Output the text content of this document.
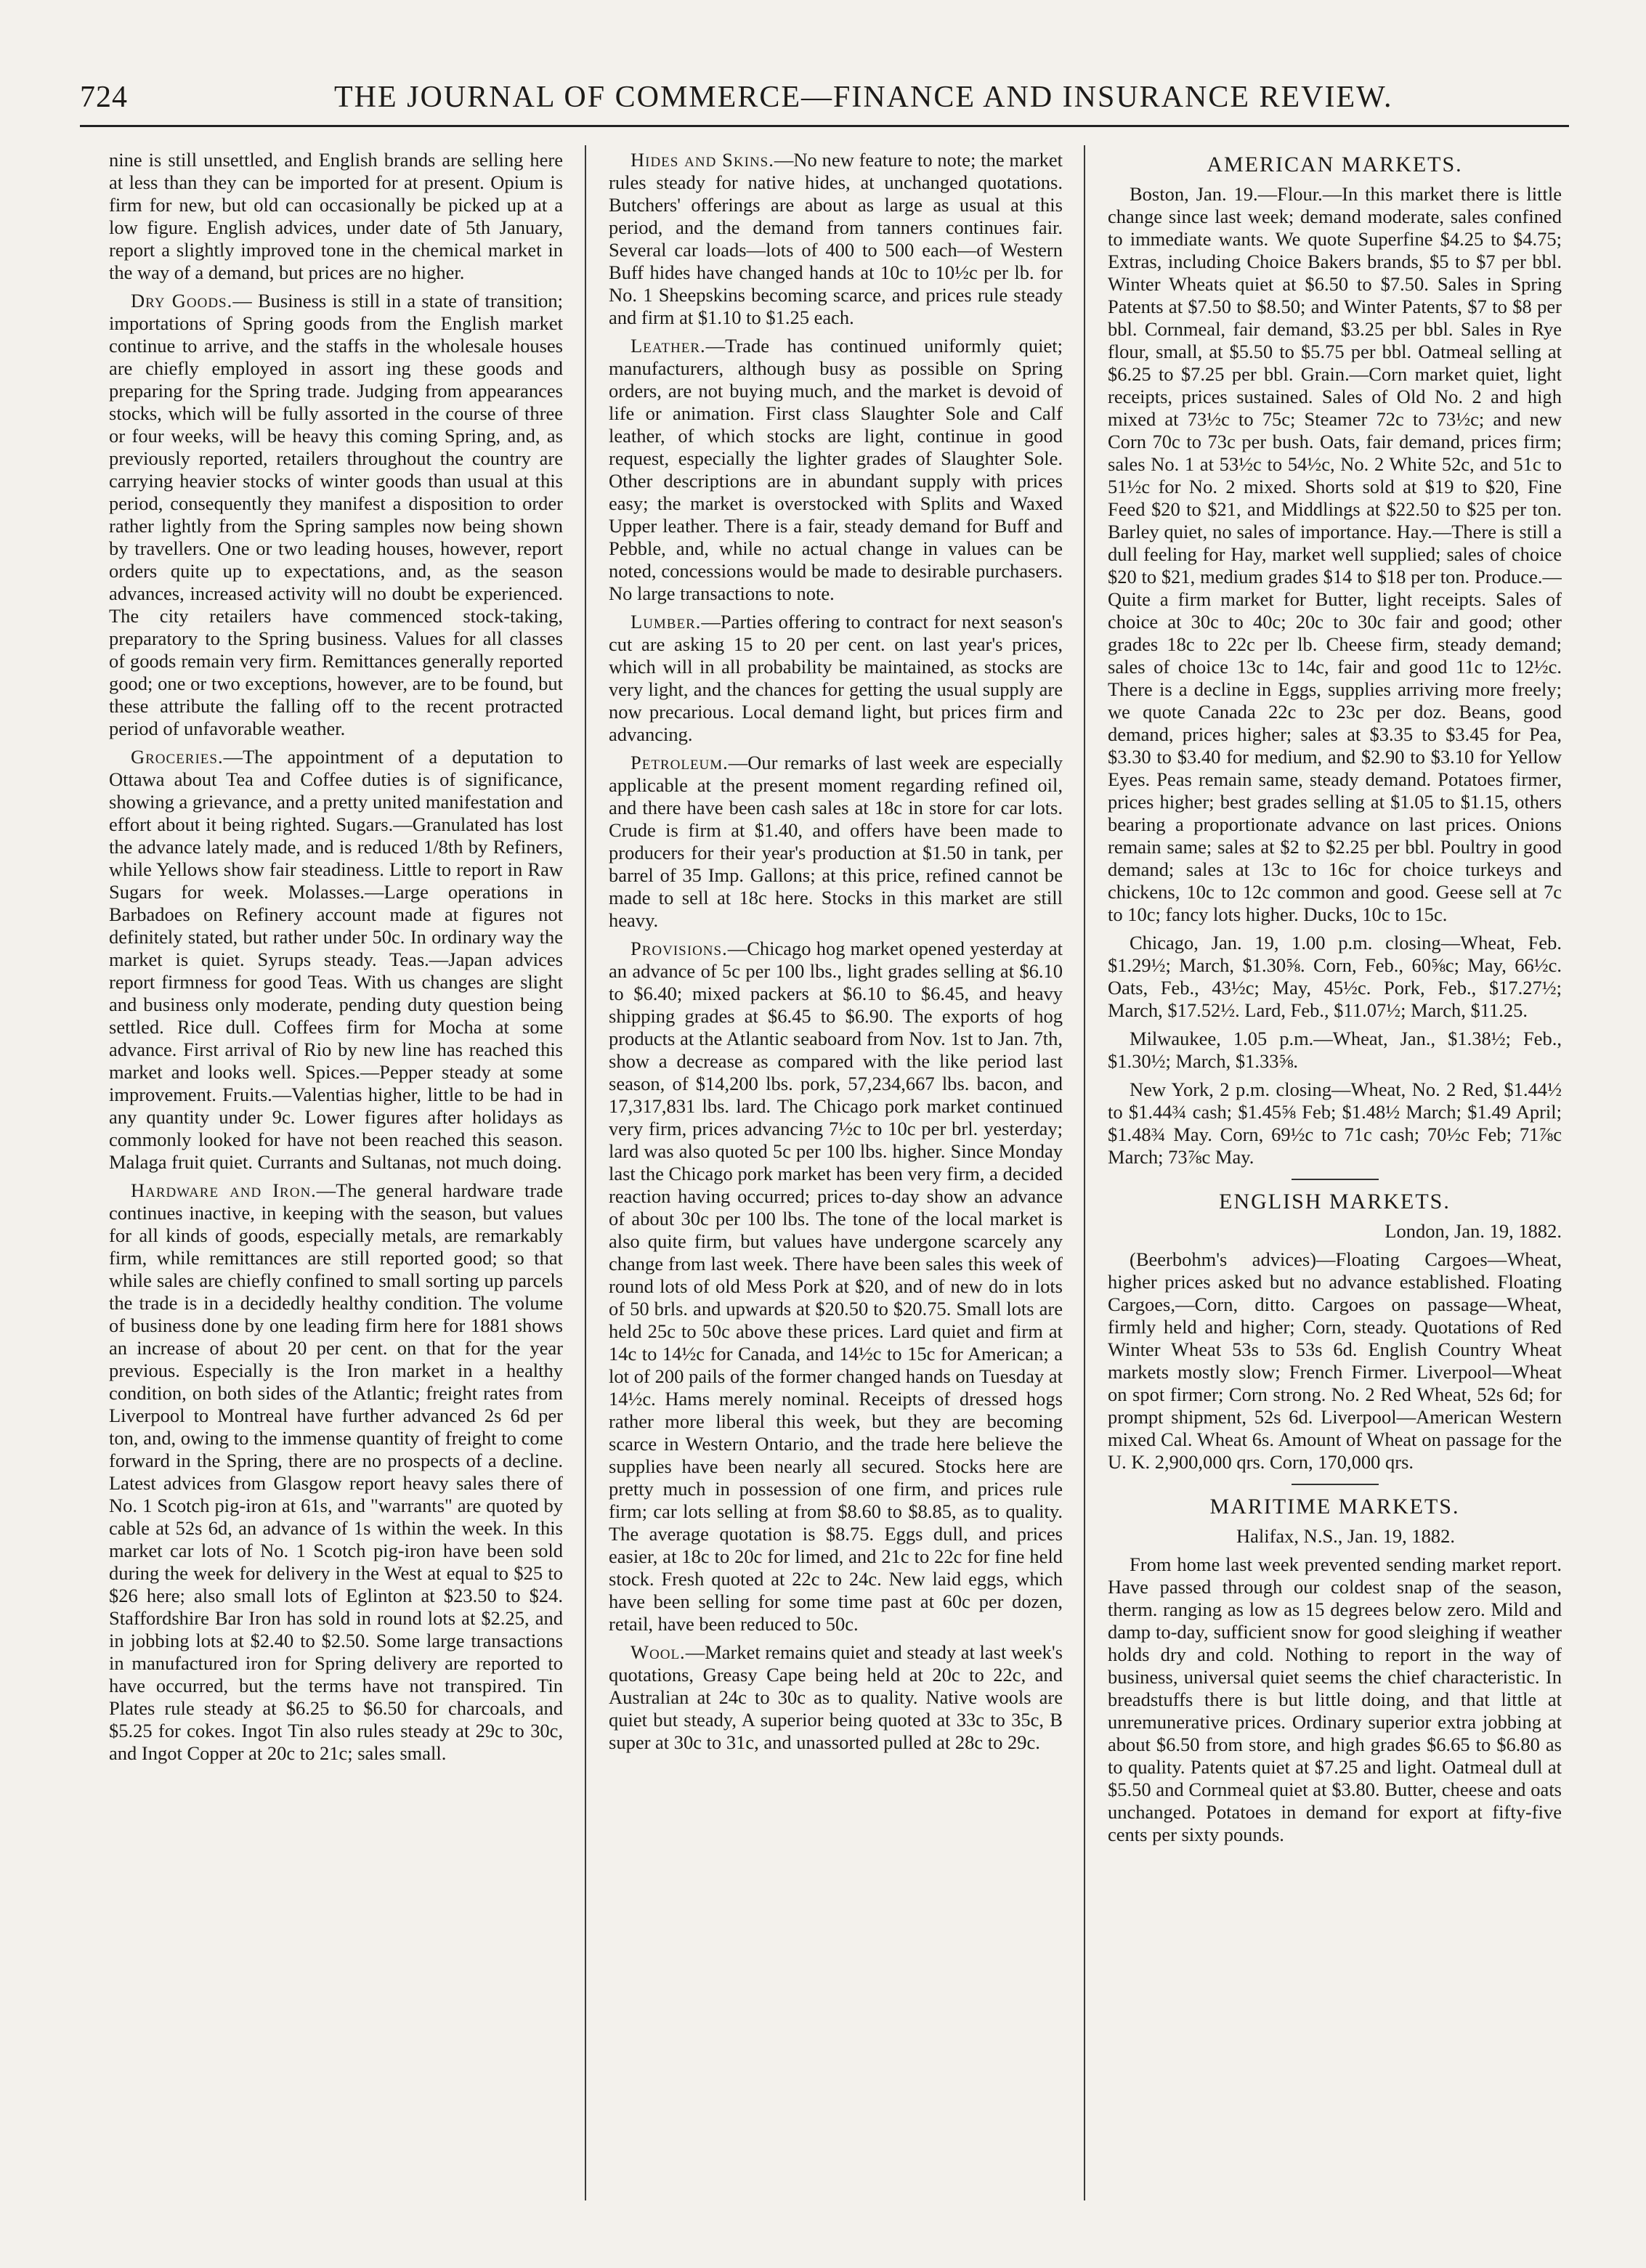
724	THE JOURNAL OF COMMERCE—FINANCE AND INSURANCE REVIEW.

nine is still unsettled, and English brands are selling here at less than they can be imported for at present. Opium is firm for new, but old can occasionally be picked up at a low figure. English advices, under date of 5th January, report a slightly improved tone in the chemical market in the way of a demand, but prices are no higher.

Dry Goods.— Business is still in a state of transition; importations of Spring goods from the English market continue to arrive, and the staffs in the wholesale houses are chiefly employed in assort ing these goods and preparing for the Spring trade. Judging from appearances stocks, which will be fully assorted in the course of three or four weeks, will be heavy this coming Spring, and, as previously reported, retailers throughout the country are carrying heavier stocks of winter goods than usual at this period, consequently they manifest a disposition to order rather lightly from the Spring samples now being shown by travellers. One or two leading houses, however, report orders quite up to expectations, and, as the season advances, increased activity will no doubt be experienced. The city retailers have commenced stock-taking, preparatory to the Spring business. Values for all classes of goods remain very firm. Remittances generally reported good; one or two exceptions, however, are to be found, but these attribute the falling off to the recent protracted period of unfavorable weather.

Groceries.—The appointment of a deputation to Ottawa about Tea and Coffee duties is of significance, showing a grievance, and a pretty united manifestation and effort about it being righted. Sugars.—Granulated has lost the advance lately made, and is reduced 1/8th by Refiners, while Yellows show fair steadiness. Little to report in Raw Sugars for week. Molasses.—Large operations in Barbadoes on Refinery account made at figures not definitely stated, but rather under 50c. In ordinary way the market is quiet. Syrups steady. Teas.—Japan advices report firmness for good Teas. With us changes are slight and business only moderate, pending duty question being settled. Rice dull. Coffees firm for Mocha at some advance. First arrival of Rio by new line has reached this market and looks well. Spices.—Pepper steady at some improvement. Fruits.—Valentias higher, little to be had in any quantity under 9c. Lower figures after holidays as commonly looked for have not been reached this season. Malaga fruit quiet. Currants and Sultanas, not much doing.

Hardware and Iron.—The general hardware trade continues inactive, in keeping with the season, but values for all kinds of goods, especially metals, are remarkably firm, while remittances are still reported good; so that while sales are chiefly confined to small sorting up parcels the trade is in a decidedly healthy condition. The volume of business done by one leading firm here for 1881 shows an increase of about 20 per cent. on that for the year previous. Especially is the Iron market in a healthy condition, on both sides of the Atlantic; freight rates from Liverpool to Montreal have further advanced 2s 6d per ton, and, owing to the immense quantity of freight to come forward in the Spring, there are no prospects of a decline. Latest advices from Glasgow report heavy sales there of No. 1 Scotch pig-iron at 61s, and "warrants" are quoted by cable at 52s 6d, an advance of 1s within the week. In this market car lots of No. 1 Scotch pig-iron have been sold during the week for delivery in the West at equal to $25 to $26 here; also small lots of Eglinton at $23.50 to $24. Staffordshire Bar Iron has sold in round lots at $2.25, and in jobbing lots at $2.40 to $2.50. Some large transactions in manufactured iron for Spring delivery are reported to have occurred, but the terms have not transpired. Tin Plates rule steady at $6.25 to $6.50 for charcoals, and $5.25 for cokes. Ingot Tin also rules steady at 29c to 30c, and Ingot Copper at 20c to 21c; sales small.

Hides and Skins.—No new feature to note; the market rules steady for native hides, at unchanged quotations. Butchers' offerings are about as large as usual at this period, and the demand from tanners continues fair. Several car loads—lots of 400 to 500 each—of Western Buff hides have changed hands at 10c to 10½c per lb. for No. 1 Sheepskins becoming scarce, and prices rule steady and firm at $1.10 to $1.25 each.

Leather.—Trade has continued uniformly quiet; manufacturers, although busy as possible on Spring orders, are not buying much, and the market is devoid of life or animation. First class Slaughter Sole and Calf leather, of which stocks are light, continue in good request, especially the lighter grades of Slaughter Sole. Other descriptions are in abundant supply with prices easy; the market is overstocked with Splits and Waxed Upper leather. There is a fair, steady demand for Buff and Pebble, and, while no actual change in values can be noted, concessions would be made to desirable purchasers. No large transactions to note.

Lumber.—Parties offering to contract for next season's cut are asking 15 to 20 per cent. on last year's prices, which will in all probability be maintained, as stocks are very light, and the chances for getting the usual supply are now precarious. Local demand light, but prices firm and advancing.

Petroleum.—Our remarks of last week are especially applicable at the present moment regarding refined oil, and there have been cash sales at 18c in store for car lots. Crude is firm at $1.40, and offers have been made to producers for their year's production at $1.50 in tank, per barrel of 35 Imp. Gallons; at this price, refined cannot be made to sell at 18c here. Stocks in this market are still heavy.

Provisions.—Chicago hog market opened yesterday at an advance of 5c per 100 lbs., light grades selling at $6.10 to $6.40; mixed packers at $6.10 to $6.45, and heavy shipping grades at $6.45 to $6.90. The exports of hog products at the Atlantic seaboard from Nov. 1st to Jan. 7th, show a decrease as compared with the like period last season, of $14,200 lbs. pork, 57,234,667 lbs. bacon, and 17,317,831 lbs. lard. The Chicago pork market continued very firm, prices advancing 7½c to 10c per brl. yesterday; lard was also quoted 5c per 100 lbs. higher. Since Monday last the Chicago pork market has been very firm, a decided reaction having occurred; prices to-day show an advance of about 30c per 100 lbs. The tone of the local market is also quite firm, but values have undergone scarcely any change from last week. There have been sales this week of round lots of old Mess Pork at $20, and of new do in lots of 50 brls. and upwards at $20.50 to $20.75. Small lots are held 25c to 50c above these prices. Lard quiet and firm at 14c to 14½c for Canada, and 14½c to 15c for American; a lot of 200 pails of the former changed hands on Tuesday at 14½c. Hams merely nominal. Receipts of dressed hogs rather more liberal this week, but they are becoming scarce in Western Ontario, and the trade here believe the supplies have been nearly all secured. Stocks here are pretty much in possession of one firm, and prices rule firm; car lots selling at from $8.60 to $8.85, as to quality. The average quotation is $8.75. Eggs dull, and prices easier, at 18c to 20c for limed, and 21c to 22c for fine held stock. Fresh quoted at 22c to 24c. New laid eggs, which have been selling for some time past at 60c per dozen, retail, have been reduced to 50c.

Wool.—Market remains quiet and steady at last week's quotations, Greasy Cape being held at 20c to 22c, and Australian at 24c to 30c as to quality. Native wools are quiet but steady, A superior being quoted at 33c to 35c, B super at 30c to 31c, and unassorted pulled at 28c to 29c.

AMERICAN MARKETS.

Boston, Jan. 19.—Flour.—In this market there is little change since last week; demand moderate, sales confined to immediate wants. We quote Superfine $4.25 to $4.75; Extras, including Choice Bakers brands, $5 to $7 per bbl. Winter Wheats quiet at $6.50 to $7.50. Sales in Spring Patents at $7.50 to $8.50; and Winter Patents, $7 to $8 per bbl. Cornmeal, fair demand, $3.25 per bbl. Sales in Rye flour, small, at $5.50 to $5.75 per bbl. Oatmeal selling at $6.25 to $7.25 per bbl. Grain.—Corn market quiet, light receipts, prices sustained. Sales of Old No. 2 and high mixed at 73½c to 75c; Steamer 72c to 73½c; and new Corn 70c to 73c per bush. Oats, fair demand, prices firm; sales No. 1 at 53½c to 54½c, No. 2 White 52c, and 51c to 51½c for No. 2 mixed. Shorts sold at $19 to $20, Fine Feed $20 to $21, and Middlings at $22.50 to $25 per ton. Barley quiet, no sales of importance. Hay.—There is still a dull feeling for Hay, market well supplied; sales of choice $20 to $21, medium grades $14 to $18 per ton. Produce.—Quite a firm market for Butter, light receipts. Sales of choice at 30c to 40c; 20c to 30c fair and good; other grades 18c to 22c per lb. Cheese firm, steady demand; sales of choice 13c to 14c, fair and good 11c to 12½c. There is a decline in Eggs, supplies arriving more freely; we quote Canada 22c to 23c per doz. Beans, good demand, prices higher; sales at $3.35 to $3.45 for Pea, $3.30 to $3.40 for medium, and $2.90 to $3.10 for Yellow Eyes. Peas remain same, steady demand. Potatoes firmer, prices higher; best grades selling at $1.05 to $1.15, others bearing a proportionate advance on last prices. Onions remain same; sales at $2 to $2.25 per bbl. Poultry in good demand; sales at 13c to 16c for choice turkeys and chickens, 10c to 12c common and good. Geese sell at 7c to 10c; fancy lots higher. Ducks, 10c to 15c.

Chicago, Jan. 19, 1.00 p.m. closing—Wheat, Feb. $1.29½; March, $1.30⅝. Corn, Feb., 60⅝c; May, 66½c. Oats, Feb., 43½c; May, 45½c. Pork, Feb., $17.27½; March, $17.52½. Lard, Feb., $11.07½; March, $11.25.

Milwaukee, 1.05 p.m.—Wheat, Jan., $1.38½; Feb., $1.30½; March, $1.33⅝.

New York, 2 p.m. closing—Wheat, No. 2 Red, $1.44½ to $1.44¾ cash; $1.45⅝ Feb; $1.48½ March; $1.49 April; $1.48¾ May. Corn, 69½c to 71c cash; 70½c Feb; 71⅞c March; 73⅞c May.

ENGLISH MARKETS.

London, Jan. 19, 1882.

(Beerbohm's advices)—Floating Cargoes—Wheat, higher prices asked but no advance established. Floating Cargoes,—Corn, ditto. Cargoes on passage—Wheat, firmly held and higher; Corn, steady. Quotations of Red Winter Wheat 53s to 53s 6d. English Country Wheat markets mostly slow; French Firmer. Liverpool—Wheat on spot firmer; Corn strong. No. 2 Red Wheat, 52s 6d; for prompt shipment, 52s 6d. Liverpool—American Western mixed Cal. Wheat 6s. Amount of Wheat on passage for the U. K. 2,900,000 qrs. Corn, 170,000 qrs.

MARITIME MARKETS.

Halifax, N.S., Jan. 19, 1882.

From home last week prevented sending market report. Have passed through our coldest snap of the season, therm. ranging as low as 15 degrees below zero. Mild and damp to-day, sufficient snow for good sleighing if weather holds dry and cold. Nothing to report in the way of business, universal quiet seems the chief characteristic. In breadstuffs there is but little doing, and that little at unremunerative prices. Ordinary superior extra jobbing at about $6.50 from store, and high grades $6.65 to $6.80 as to quality. Patents quiet at $7.25 and light. Oatmeal dull at $5.50 and Cornmeal quiet at $3.80. Butter, cheese and oats unchanged. Potatoes in demand for export at fifty-five cents per sixty pounds.
